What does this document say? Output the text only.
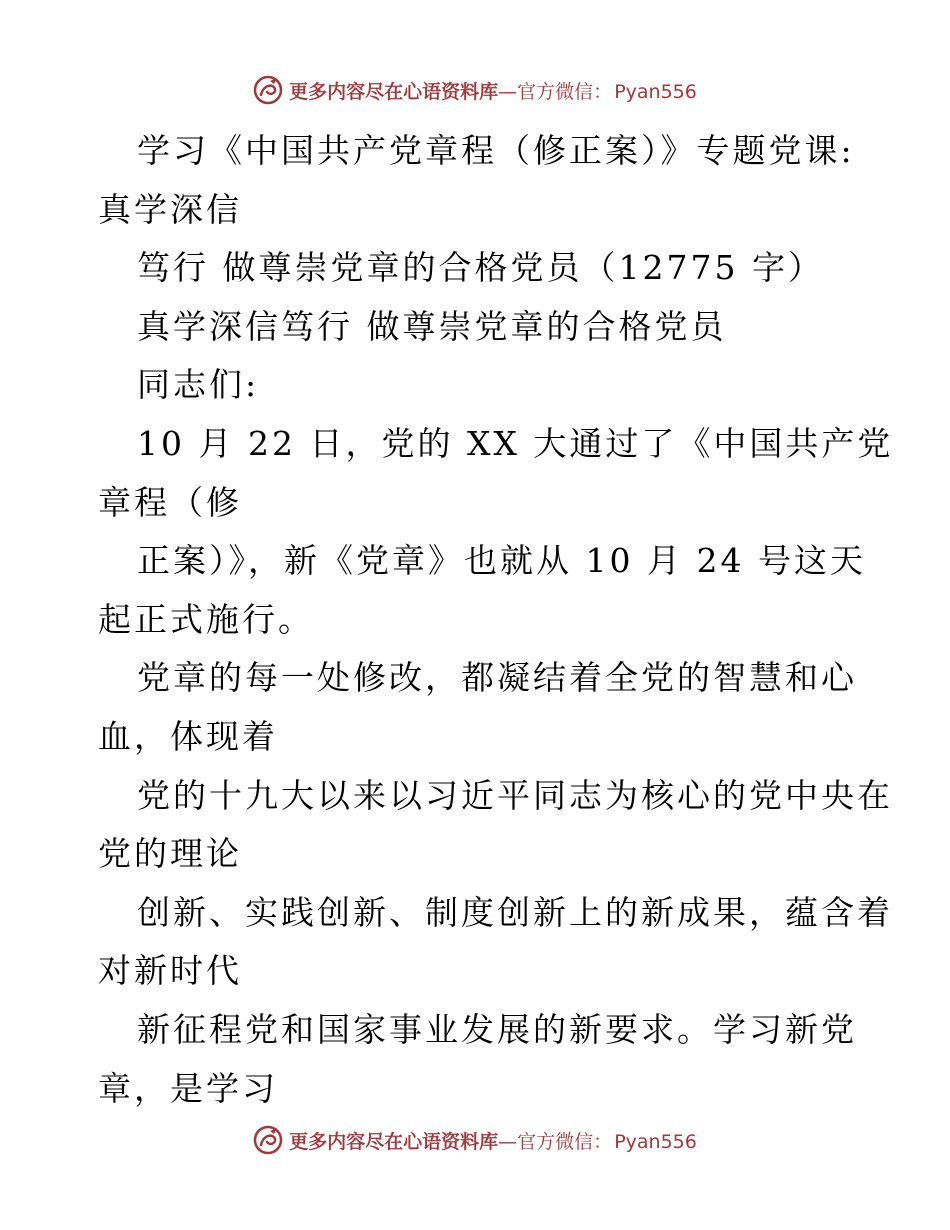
更多内容尽在心语资料库—官方微信： Pyan556
学习《中国共产党章程（修正案）》专题党课:
真学深信
笃行 做尊崇党章的合格党员（12775 字）
真学深信笃行 做尊崇党章的合格党员
同志们:
10 月 22 日，党的 XX 大通过了《中国共产党
章程（修
正案）》，新《党章》也就从 10 月 24 号这天
起正式施行。
党章的每一处修改，都凝结着全党的智慧和心
血，体现着
党的十九大以来以习近平同志为核心的党中央在
党的理论
创新、实践创新、制度创新上的新成果，蕴含着
对新时代
新征程党和国家事业发展的新要求。学习新党
章，是学习
更多内容尽在心语资料库—官方微信： Pyan556
